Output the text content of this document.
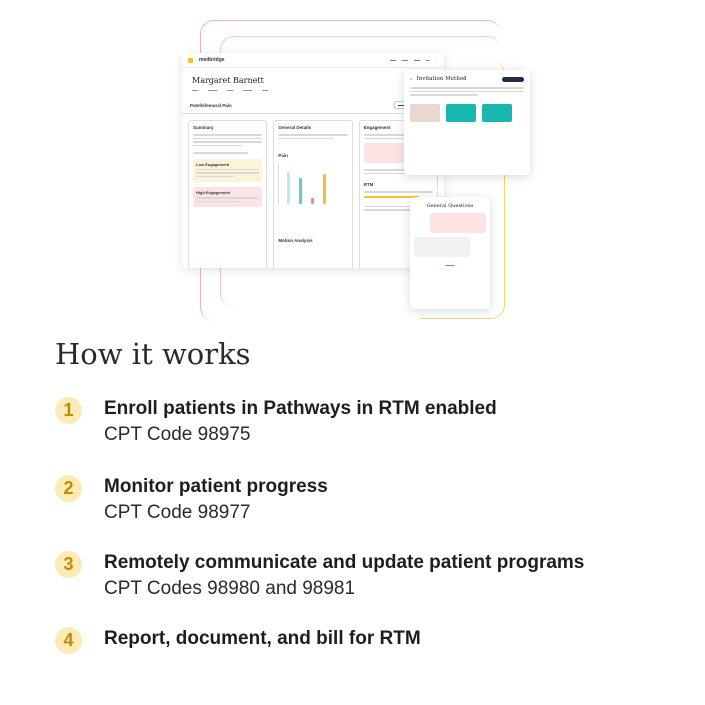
medbridge	▬▬ ▬▬ ▬▬ ▬ ◦ ◦
Margaret Barnett
▬▬	▬▬▬	▬▬	▬▬▬	▬▬
Patellofemoral Pain	▬▬
Summary
Low Engagement
High Engagement
General Details
Pain
Motion Analysis
Engagement
RTM
✕ Invitation Method
General Questions
▬▬▬
How it works
1	Enroll patients in Pathways in RTM enabled
CPT Code 98975
2	Monitor patient progress
CPT Code 98977
3	Remotely communicate and update patient programs
CPT Codes 98980 and 98981
4	Report, document, and bill for RTM
